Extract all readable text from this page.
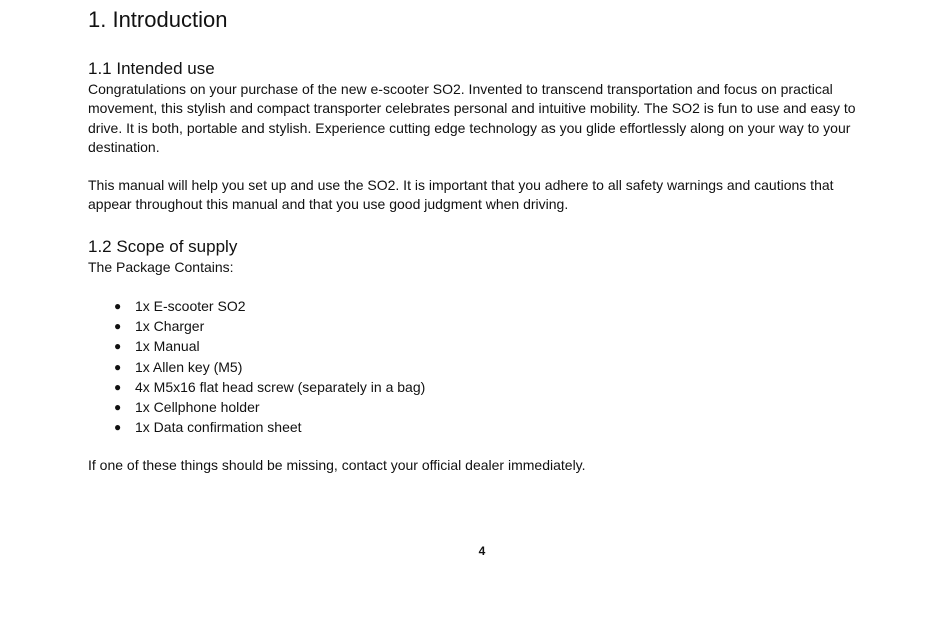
1. Introduction
1.1 Intended use

Congratulations on your purchase of the new e-scooter SO2. Invented to transcend transportation and focus on practical movement, this stylish and compact transporter celebrates personal and intuitive mobility. The SO2 is fun to use and easy to drive. It is both, portable and stylish. Experience cutting edge technology as you glide effortlessly along on your way to your destination.

This manual will help you set up and use the SO2. It is important that you adhere to all safety warnings and cautions that appear throughout this manual and that you use good judgment when driving.

1.2 Scope of supply

The Package Contains:

● 1x E-scooter SO2
● 1x Charger
● 1x Manual
● 1x Allen key (M5)
● 4x M5x16 flat head screw (separately in a bag)
● 1x Cellphone holder
● 1x Data confirmation sheet

If one of these things should be missing, contact your official dealer immediately.

4
